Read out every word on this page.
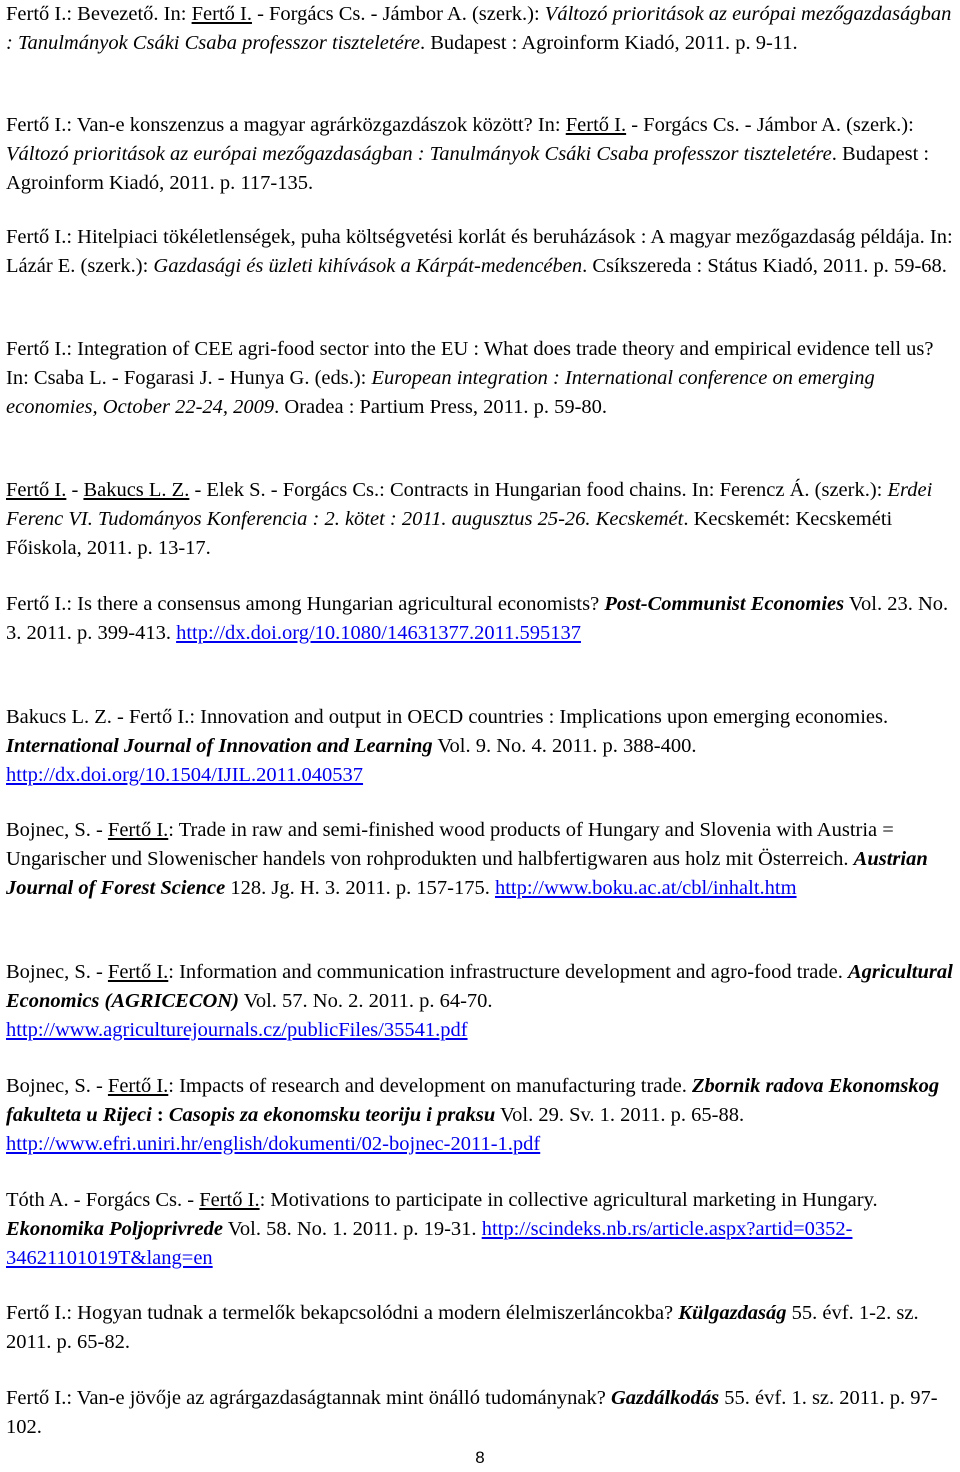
Fertő I.: Bevezető. In: Fertő I. - Forgács Cs. - Jámbor A. (szerk.): Változó prioritások az európai mezőgazdaságban : Tanulmányok Csáki Csaba professzor tiszteletére. Budapest : Agroinform Kiadó, 2011. p. 9-11.

Fertő I.: Van-e konszenzus a magyar agrárközgazdászok között? In: Fertő I. - Forgács Cs. - Jámbor A. (szerk.): Változó prioritások az európai mezőgazdaságban : Tanulmányok Csáki Csaba professzor tiszteletére. Budapest : Agroinform Kiadó, 2011. p. 117-135.

Fertő I.: Hitelpiaci tökéletlenségek, puha költségvetési korlát és beruházások : A magyar mezőgazdaság példája. In: Lázár E. (szerk.): Gazdasági és üzleti kihívások a Kárpát-medencében. Csíkszereda : Státus Kiadó, 2011. p. 59-68.

Fertő I.: Integration of CEE agri-food sector into the EU : What does trade theory and empirical evidence tell us? In: Csaba L. - Fogarasi J. - Hunya G. (eds.): European integration : International conference on emerging economies, October 22-24, 2009. Oradea : Partium Press, 2011. p. 59-80.

Fertő I. - Bakucs L. Z. - Elek S. - Forgács Cs.: Contracts in Hungarian food chains. In: Ferencz Á. (szerk.): Erdei Ferenc VI. Tudományos Konferencia : 2. kötet : 2011. augusztus 25-26. Kecskemét. Kecskemét: Kecskeméti Főiskola, 2011. p. 13-17.

Fertő I.: Is there a consensus among Hungarian agricultural economists? Post-Communist Economies Vol. 23. No. 3. 2011. p. 399-413. http://dx.doi.org/10.1080/14631377.2011.595137

Bakucs L. Z. - Fertő I.: Innovation and output in OECD countries : Implications upon emerging economies. International Journal of Innovation and Learning Vol. 9. No. 4. 2011. p. 388-400. http://dx.doi.org/10.1504/IJIL.2011.040537

Bojnec, S. - Fertő I.: Trade in raw and semi-finished wood products of Hungary and Slovenia with Austria = Ungarischer und Slowenischer handels von rohprodukten und halbfertigwaren aus holz mit Österreich. Austrian Journal of Forest Science 128. Jg. H. 3. 2011. p. 157-175. http://www.boku.ac.at/cbl/inhalt.htm

Bojnec, S. - Fertő I.: Information and communication infrastructure development and agro-food trade. Agricultural Economics (AGRICECON) Vol. 57. No. 2. 2011. p. 64-70. http://www.agriculturejournals.cz/publicFiles/35541.pdf

Bojnec, S. - Fertő I.: Impacts of research and development on manufacturing trade. Zbornik radova Ekonomskog fakulteta u Rijeci : Casopis za ekonomsku teoriju i praksu Vol. 29. Sv. 1. 2011. p. 65-88. http://www.efri.uniri.hr/english/dokumenti/02-bojnec-2011-1.pdf

Tóth A. - Forgács Cs. - Fertő I.: Motivations to participate in collective agricultural marketing in Hungary. Ekonomika Poljoprivrede Vol. 58. No. 1. 2011. p. 19-31. http://scindeks.nb.rs/article.aspx?artid=0352-34621101019T&lang=en

Fertő I.: Hogyan tudnak a termelők bekapcsolódni a modern élelmiszerláncokba? Külgazdaság 55. évf. 1-2. sz. 2011. p. 65-82.

Fertő I.: Van-e jövője az agrárgazdaságtannak mint önálló tudománynak? Gazdálkodás 55. évf. 1. sz. 2011. p. 97-102.

8
